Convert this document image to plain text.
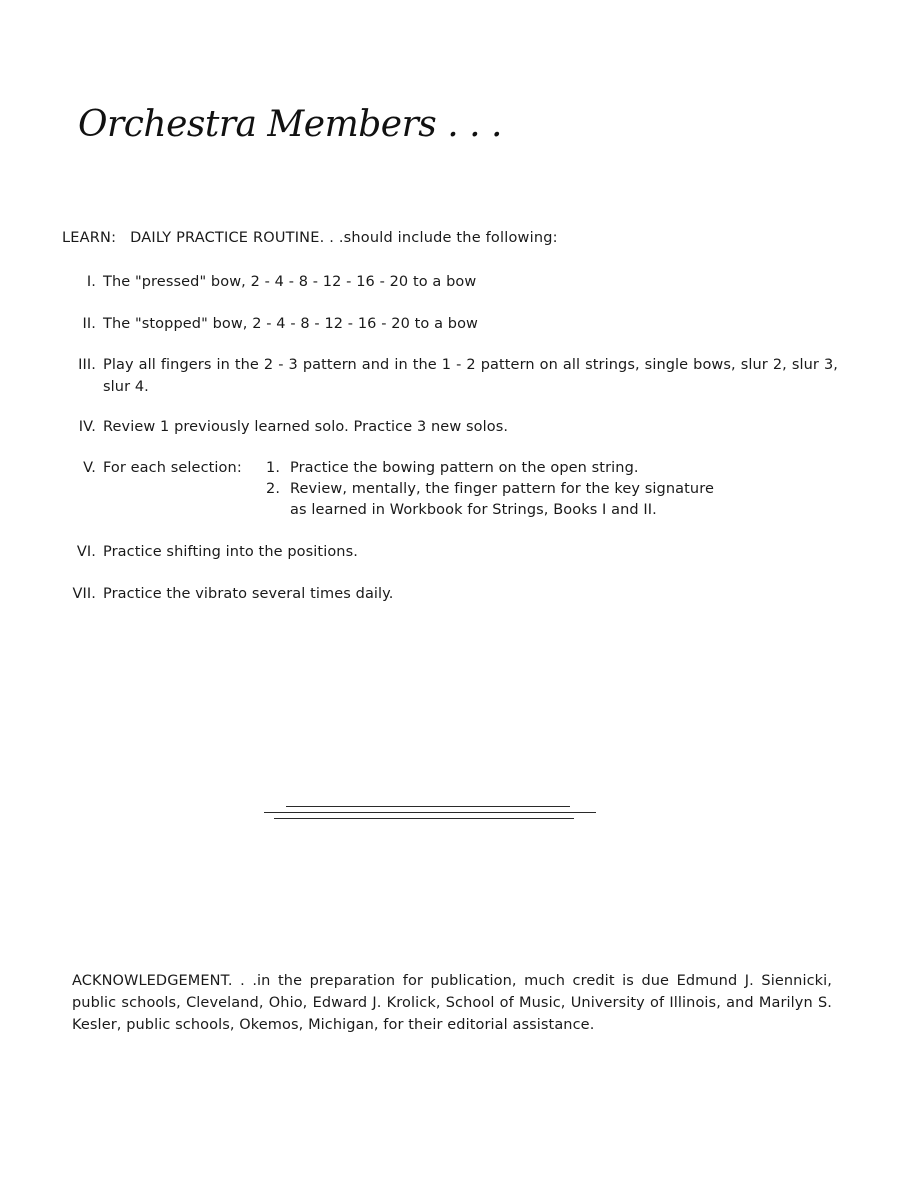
Orchestra Members . . .
LEARN: DAILY PRACTICE ROUTINE. . .should include the following:
I. The "pressed" bow, 2 - 4 - 8 - 12 - 16 - 20 to a bow
II. The "stopped" bow, 2 - 4 - 8 - 12 - 16 - 20 to a bow
III. Play all fingers in the 2 - 3 pattern and in the 1 - 2 pattern on all strings, single bows, slur 2, slur 3, slur 4.
IV. Review 1 previously learned solo. Practice 3 new solos.
V. For each selection: 1. Practice the bowing pattern on the open string.
2. Review, mentally, the finger pattern for the key signature
as learned in Workbook for Strings, Books I and II.
VI. Practice shifting into the positions.
VII. Practice the vibrato several times daily.
ACKNOWLEDGEMENT. . .in the preparation for publication, much credit is due Edmund J. Siennicki, public schools, Cleveland, Ohio, Edward J. Krolick, School of Music, University of Illinois, and Marilyn S. Kesler, public schools, Okemos, Michigan, for their editorial assistance.
